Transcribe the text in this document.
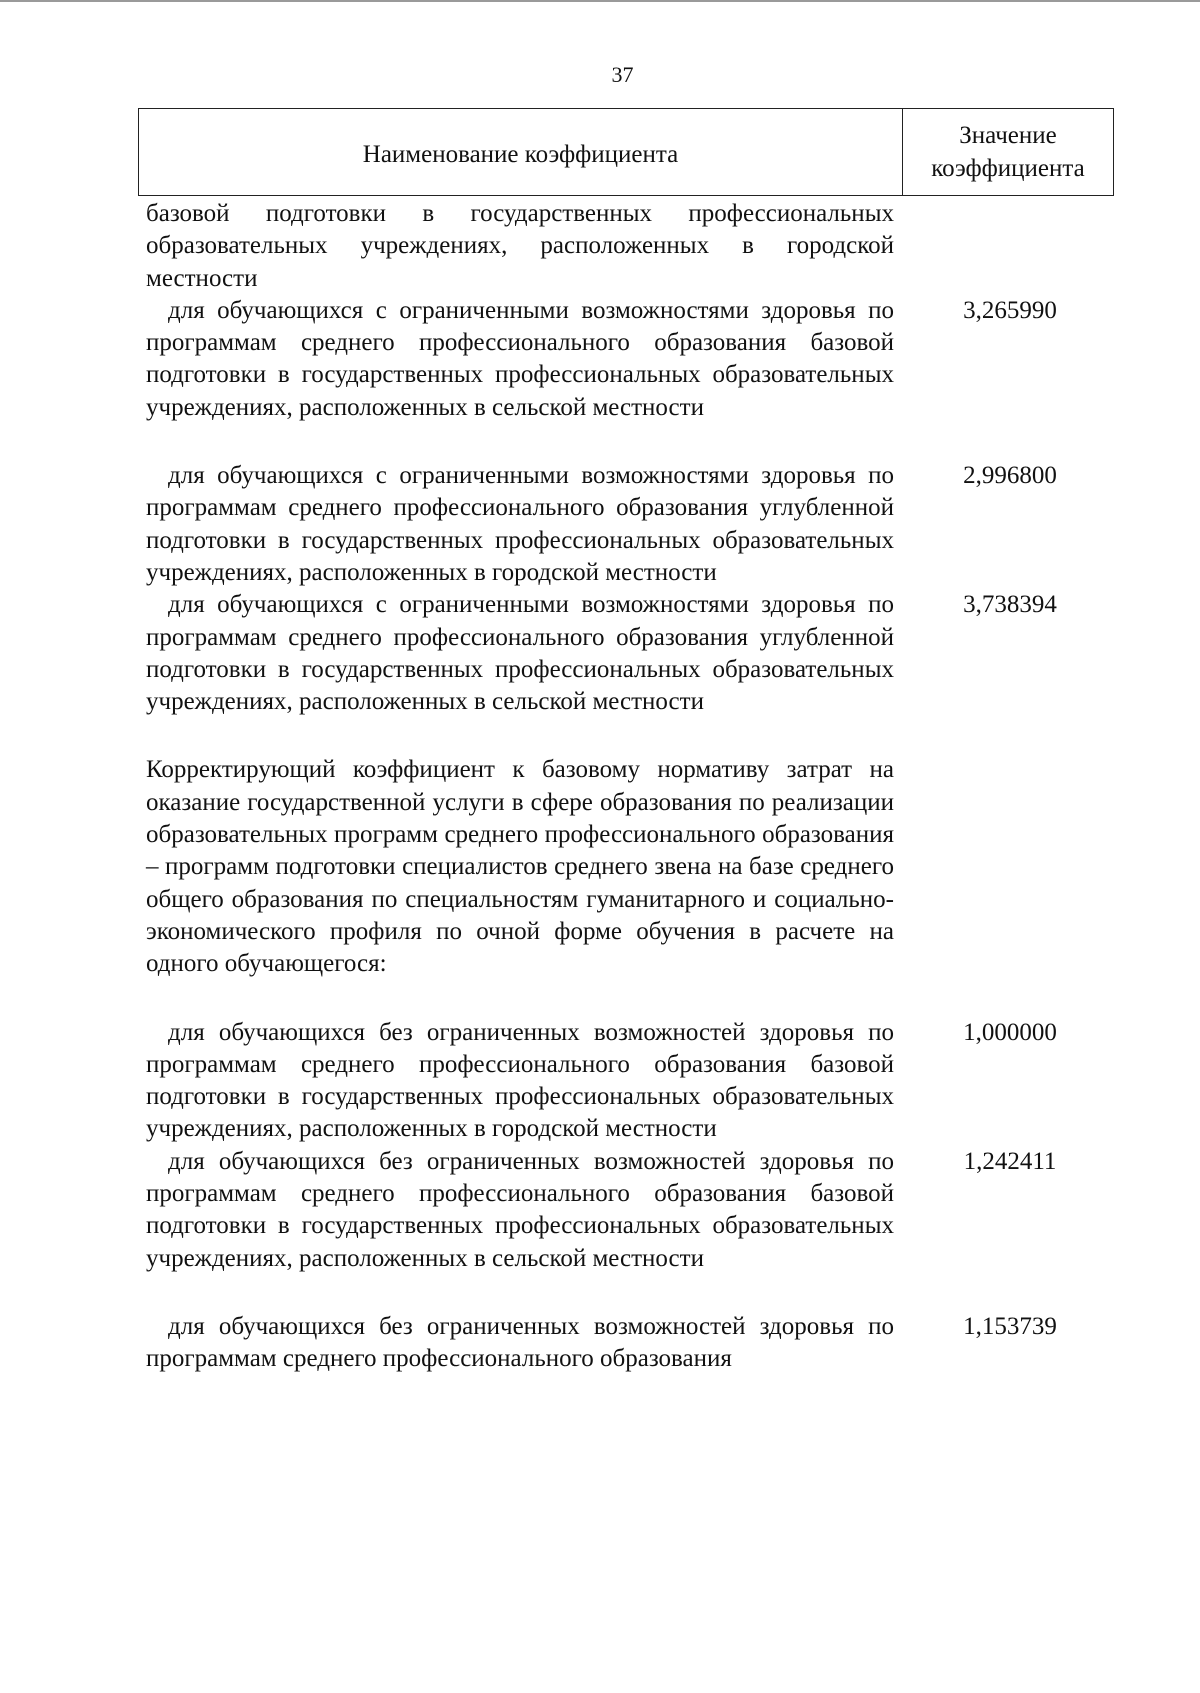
37
Наименование коэффициента
Значение
коэффициента
базовой подготовки в государственных профессиональных образовательных учреждениях, расположенных в городской местности
для обучающихся с ограниченными возможностями здоровья по программам среднего профессионального образования базовой подготовки в государственных профессиональных образовательных учреждениях, расположенных в сельской местности
3,265990
для обучающихся с ограниченными возможностями здоровья по программам среднего профессионального образования углубленной подготовки в государственных профессиональных образовательных учреждениях, расположенных в городской местности
2,996800
для обучающихся с ограниченными возможностями здоровья по программам среднего профессионального образования углубленной подготовки в государственных профессиональных образовательных учреждениях, расположенных в сельской местности
3,738394
Корректирующий коэффициент к базовому нормативу затрат на оказание государственной услуги в сфере образования по реализации образовательных программ среднего профессионального образования – программ подготовки специалистов среднего звена на базе среднего общего образования по специальностям гуманитарного и социально-экономического профиля по очной форме обучения в расчете на одного обучающегося:
для обучающихся без ограниченных возможностей здоровья по программам среднего профессионального образования базовой подготовки в государственных профессиональных образовательных учреждениях, расположенных в городской местности
1,000000
для обучающихся без ограниченных возможностей здоровья по программам среднего профессионального образования базовой подготовки в государственных профессиональных образовательных учреждениях, расположенных в сельской местности
1,242411
для обучающихся без ограниченных возможностей здоровья по программам среднего профессионального образования
1,153739
